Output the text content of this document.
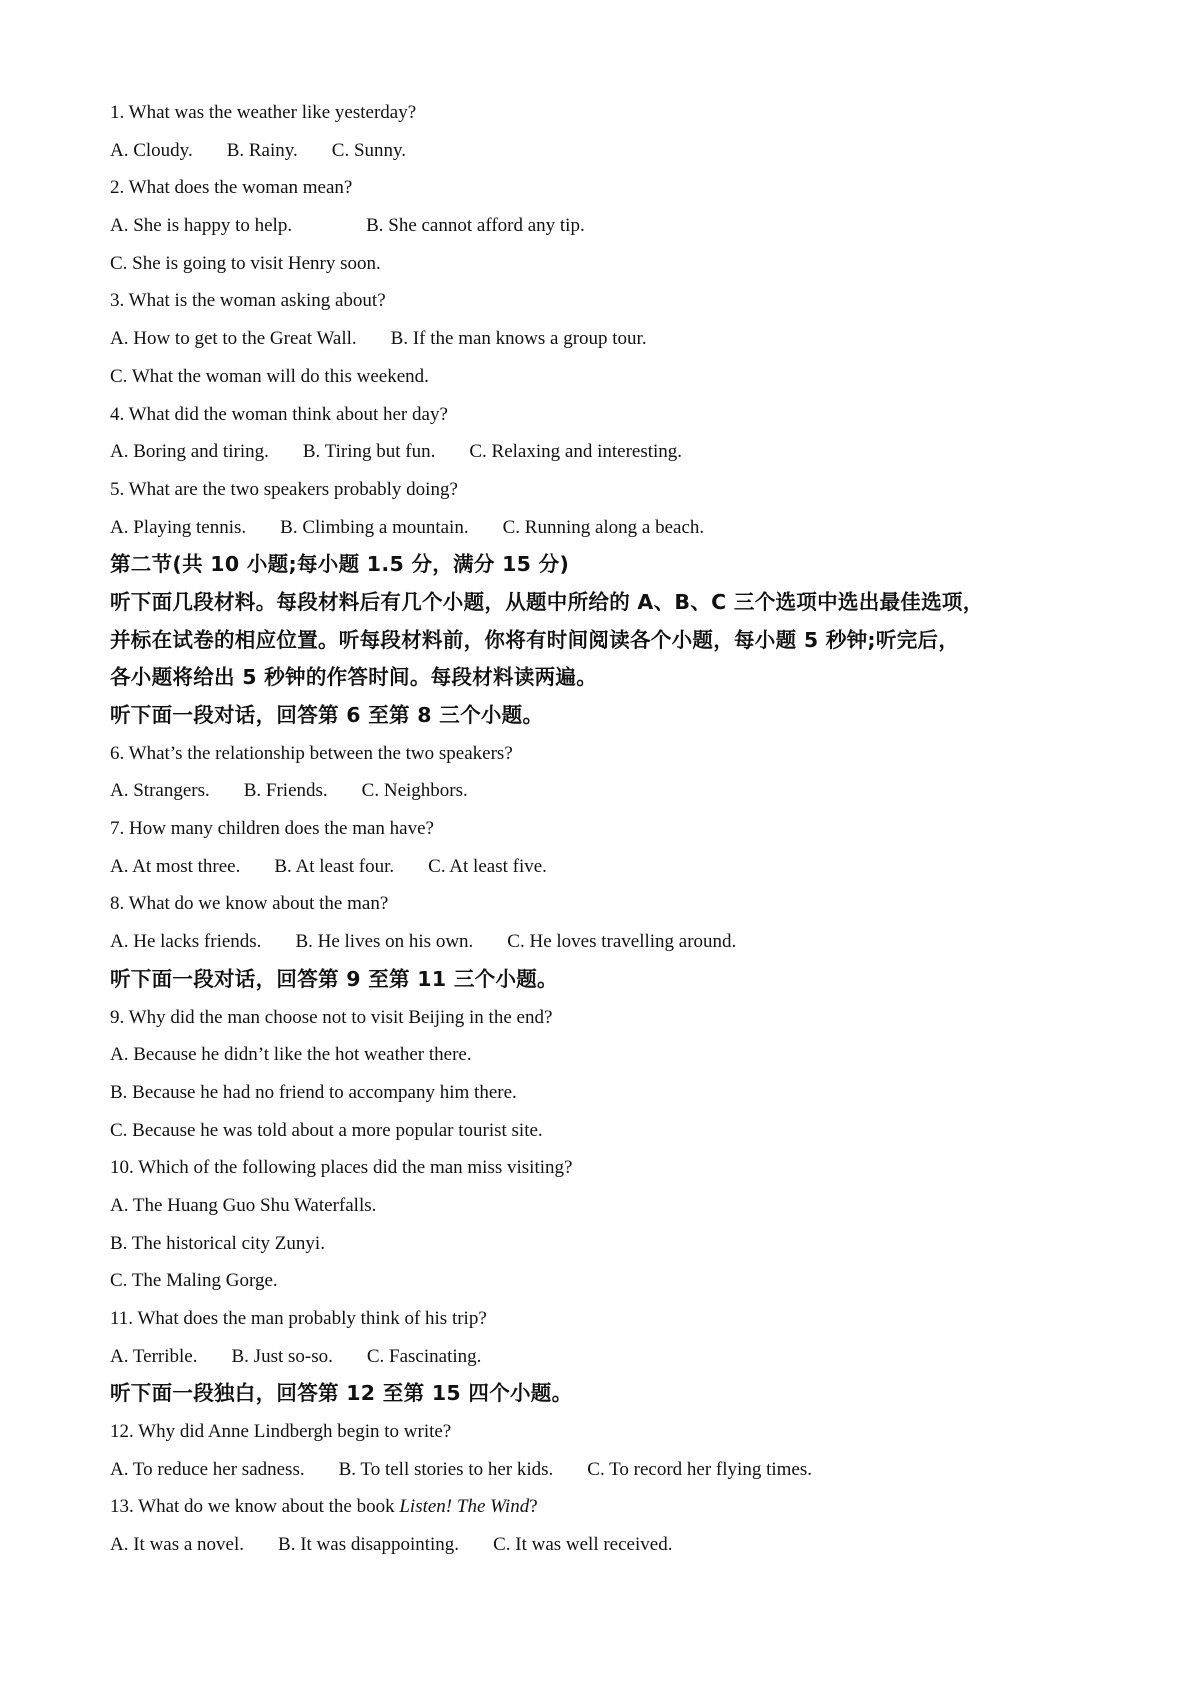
1. What was the weather like yesterday?
A. Cloudy. B. Rainy. C. Sunny.
2. What does the woman mean?
A. She is happy to help.	B. She cannot afford any tip.
C. She is going to visit Henry soon.
3. What is the woman asking about?
A. How to get to the Great Wall. B. If the man knows a group tour.
C. What the woman will do this weekend.
4. What did the woman think about her day?
A. Boring and tiring. B. Tiring but fun. C. Relaxing and interesting.
5. What are the two speakers probably doing?
A. Playing tennis. B. Climbing a mountain. C. Running along a beach.
第二节(共 10 小题;每小题 1.5 分，满分 15 分)
听下面几段材料。每段材料后有几个小题，从题中所给的 A、B、C 三个选项中选出最佳选项，
并标在试卷的相应位置。听每段材料前，你将有时间阅读各个小题，每小题 5 秒钟;听完后，
各小题将给出 5 秒钟的作答时间。每段材料读两遍。
听下面一段对话，回答第 6 至第 8 三个小题。
6. What’s the relationship between the two speakers?
A. Strangers. B. Friends. C. Neighbors.
7. How many children does the man have?
A. At most three. B. At least four. C. At least five.
8. What do we know about the man?
A. He lacks friends. B. He lives on his own. C. He loves travelling around.
听下面一段对话，回答第 9 至第 11 三个小题。
9. Why did the man choose not to visit Beijing in the end?
A. Because he didn’t like the hot weather there.
B. Because he had no friend to accompany him there.
C. Because he was told about a more popular tourist site.
10. Which of the following places did the man miss visiting?
A. The Huang Guo Shu Waterfalls.
B. The historical city Zunyi.
C. The Maling Gorge.
11. What does the man probably think of his trip?
A. Terrible. B. Just so-so. C. Fascinating.
听下面一段独白，回答第 12 至第 15 四个小题。
12. Why did Anne Lindbergh begin to write?
A. To reduce her sadness. B. To tell stories to her kids. C. To record her flying times.
13. What do we know about the book Listen! The Wind?
A. It was a novel. B. It was disappointing. C. It was well received.
